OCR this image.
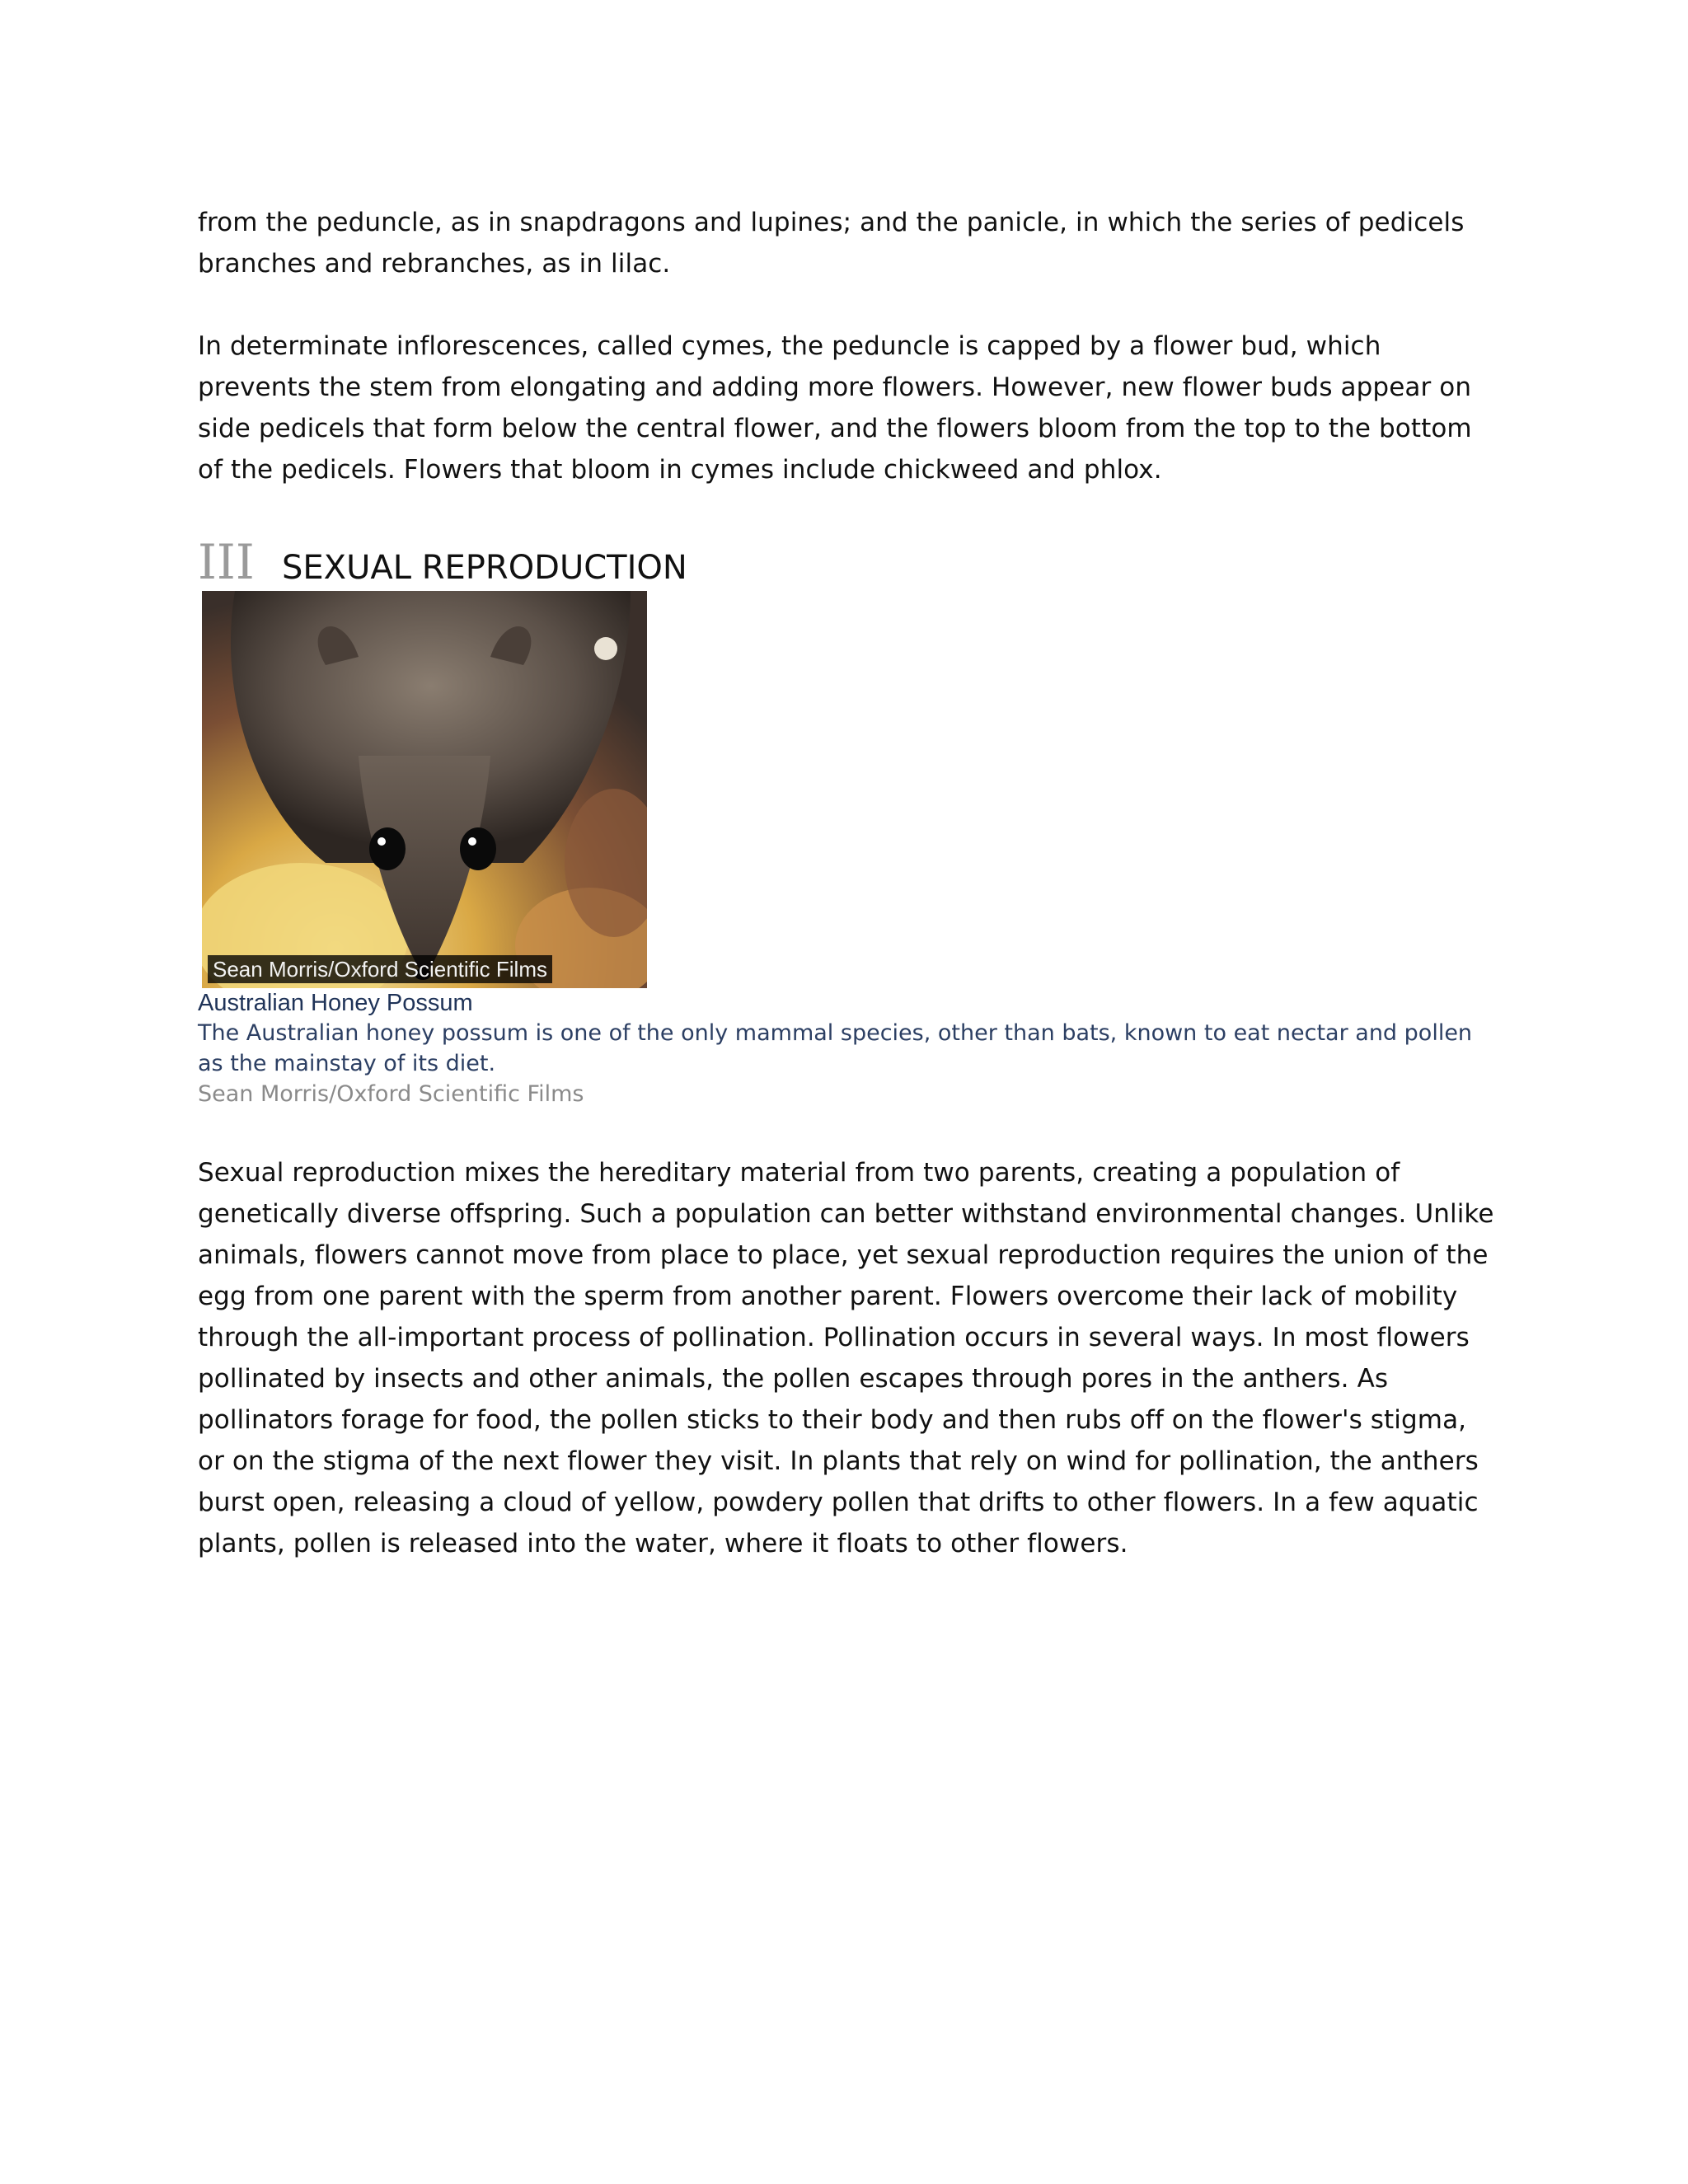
from the peduncle, as in snapdragons and lupines; and the panicle, in which the series of pedicels branches and rebranches, as in lilac.

In determinate inflorescences, called cymes, the peduncle is capped by a flower bud, which prevents the stem from elongating and adding more flowers. However, new flower buds appear on side pedicels that form below the central flower, and the flowers bloom from the top to the bottom of the pedicels. Flowers that bloom in cymes include chickweed and phlox.

III SEXUAL REPRODUCTION
Sean Morris/Oxford Scientific Films
Australian Honey Possum

The Australian honey possum is one of the only mammal species, other than bats, known to eat nectar and pollen as the mainstay of its diet.

Sean Morris/Oxford Scientific Films

Sexual reproduction mixes the hereditary material from two parents, creating a population of genetically diverse offspring. Such a population can better withstand environmental changes. Unlike animals, flowers cannot move from place to place, yet sexual reproduction requires the union of the egg from one parent with the sperm from another parent. Flowers overcome their lack of mobility through the all-important process of pollination. Pollination occurs in several ways. In most flowers pollinated by insects and other animals, the pollen escapes through pores in the anthers. As pollinators forage for food, the pollen sticks to their body and then rubs off on the flower's stigma, or on the stigma of the next flower they visit. In plants that rely on wind for pollination, the anthers burst open, releasing a cloud of yellow, powdery pollen that drifts to other flowers. In a few aquatic plants, pollen is released into the water, where it floats to other flowers.
